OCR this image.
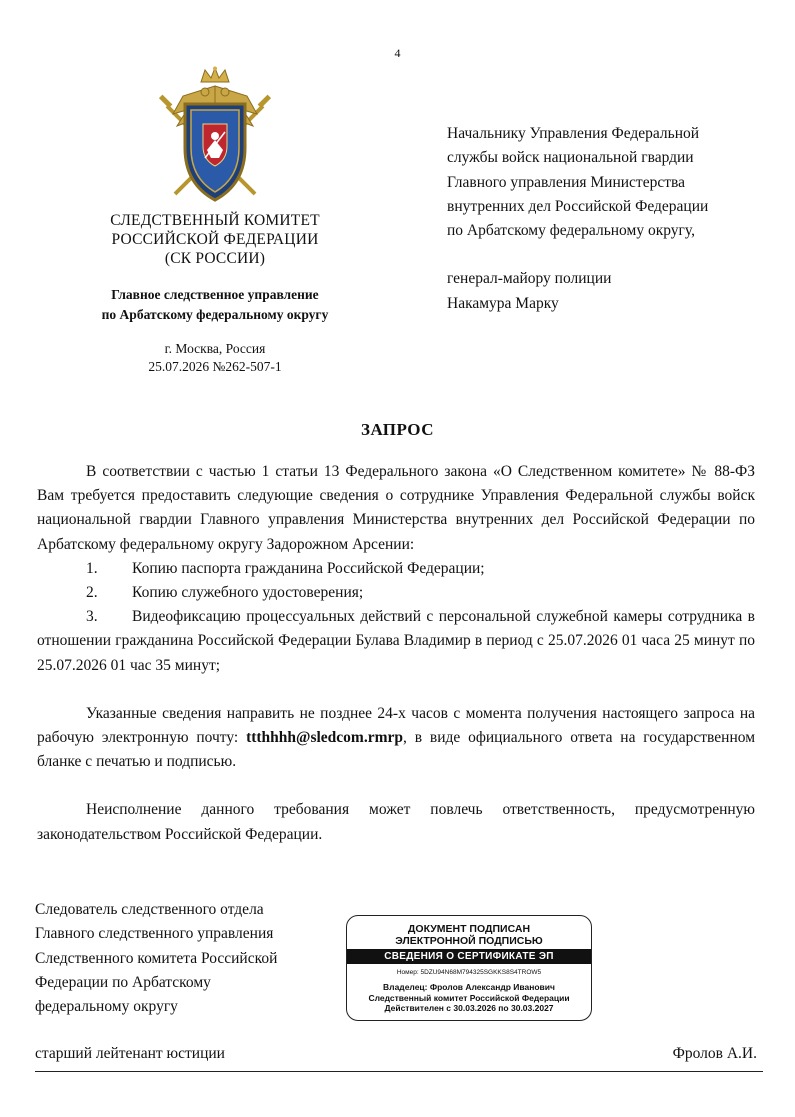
4
СЛЕДСТВЕННЫЙ КОМИТЕТ
РОССИЙСКОЙ ФЕДЕРАЦИИ
(СК РОССИИ)
Главное следственное управление
по Арбатскому федеральному округу
г. Москва, Россия
25.07.2026 №262-507-1
Начальнику Управления Федеральной
службы войск национальной гвардии
Главного управления Министерства
внутренних дел Российской Федерации
по Арбатскому федеральному округу,
генерал-майору полиции
Накамура Марку
ЗАПРОС

В соответствии с частью 1 статьи 13 Федерального закона «О Следственном комитете» № 88-ФЗ Вам требуется предоставить следующие сведения о сотруднике Управления Федеральной службы войск национальной гвардии Главного управления Министерства внутренних дел Российской Федерации по Арбатскому федеральному округу Задорожном Арсении:

1.	Копию паспорта гражданина Российской Федерации;
2.	Копию служебного удостоверения;

3. Видеофиксацию процессуальных действий с персональной служебной камеры сотрудника в отношении гражданина Российской Федерации Булава Владимир в период с 25.07.2026 01 часа 25 минут по 25.07.2026 01 час 35 минут;

Указанные сведения направить не позднее 24-х часов с момента получения настоящего запроса на рабочую электронную почту: ttthhhh@sledcom.rmrp, в виде официального ответа на государственном бланке с печатью и подписью.

Неисполнение данного требования может повлечь ответственность, предусмотренную законодательством Российской Федерации.

Следователь следственного отдела
Главного следственного управления
Следственного комитета Российской
Федерации по Арбатскому
федеральному округу
ДОКУМЕНТ ПОДПИСАН
ЭЛЕКТРОННОЙ ПОДПИСЬЮ
СВЕДЕНИЯ О СЕРТИФИКАТЕ ЭП
Номер: 5DZU94N68M794325SGKKS8S4TROW5
Владелец: Фролов Александр Иванович
Следственный комитет Российской Федерации
Действителен с 30.03.2026 по 30.03.2027
старший лейтенант юстиции	Фролов А.И.
